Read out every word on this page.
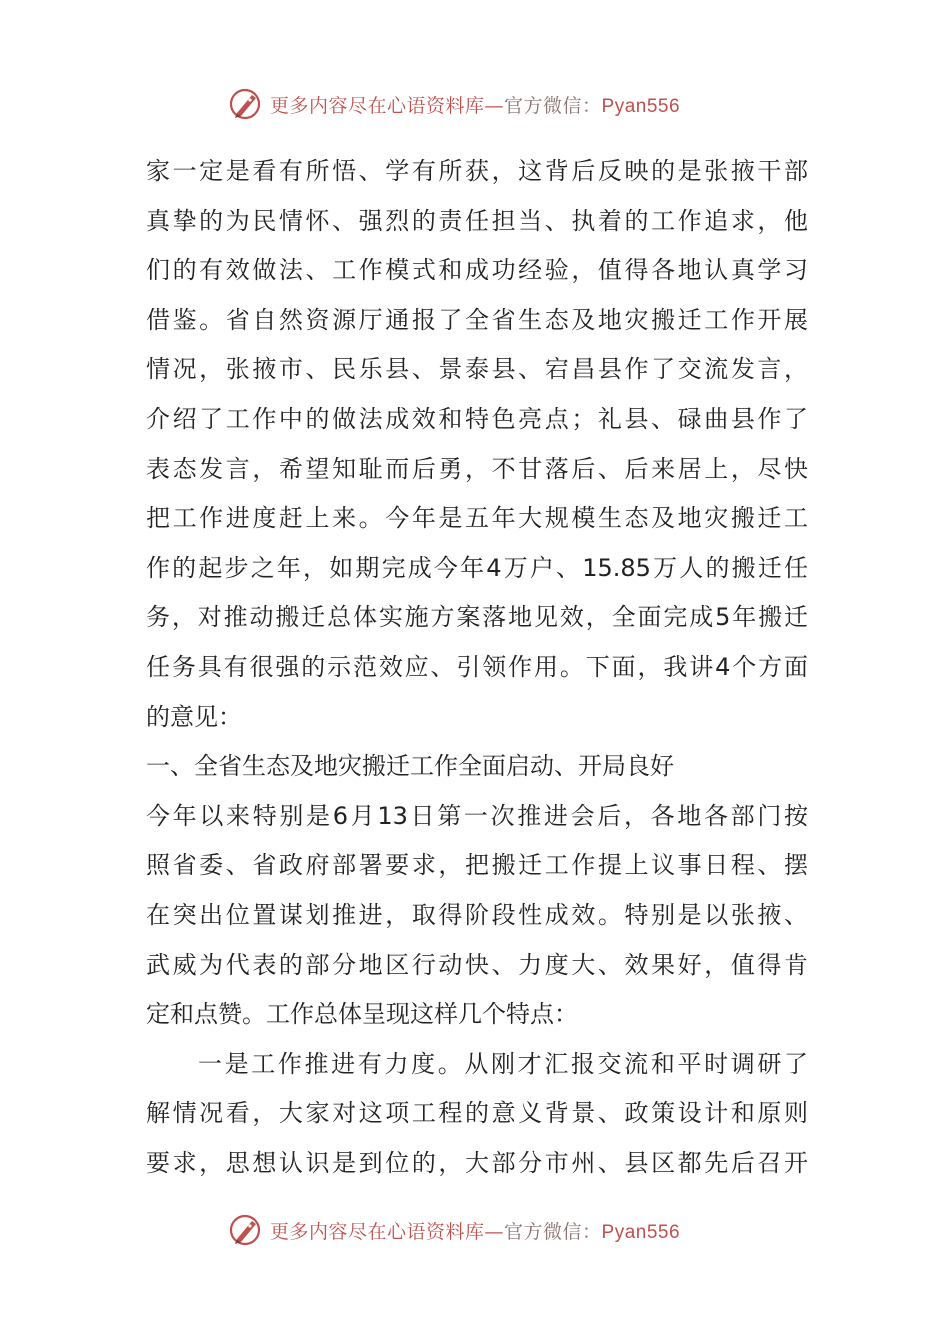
更多内容尽在心语资料库—官方微信：Pyan556
家一定是看有所悟、学有所获，这背后反映的是张掖干部
真挚的为民情怀、强烈的责任担当、执着的工作追求，他
们的有效做法、工作模式和成功经验，值得各地认真学习
借鉴。省自然资源厅通报了全省生态及地灾搬迁工作开展
情况，张掖市、民乐县、景泰县、宕昌县作了交流发言，
介绍了工作中的做法成效和特色亮点；礼县、碌曲县作了
表态发言，希望知耻而后勇，不甘落后、后来居上，尽快
把工作进度赶上来。今年是五年大规模生态及地灾搬迁工
作的起步之年，如期完成今年4万户、15.85万人的搬迁任
务，对推动搬迁总体实施方案落地见效，全面完成5年搬迁
任务具有很强的示范效应、引领作用。下面，我讲4个方面
的意见：
一、全省生态及地灾搬迁工作全面启动、开局良好
今年以来特别是6月13日第一次推进会后，各地各部门按
照省委、省政府部署要求，把搬迁工作提上议事日程、摆
在突出位置谋划推进，取得阶段性成效。特别是以张掖、
武威为代表的部分地区行动快、力度大、效果好，值得肯
定和点赞。工作总体呈现这样几个特点：
一是工作推进有力度。从刚才汇报交流和平时调研了
解情况看，大家对这项工程的意义背景、政策设计和原则
要求，思想认识是到位的，大部分市州、县区都先后召开
更多内容尽在心语资料库—官方微信：Pyan556
